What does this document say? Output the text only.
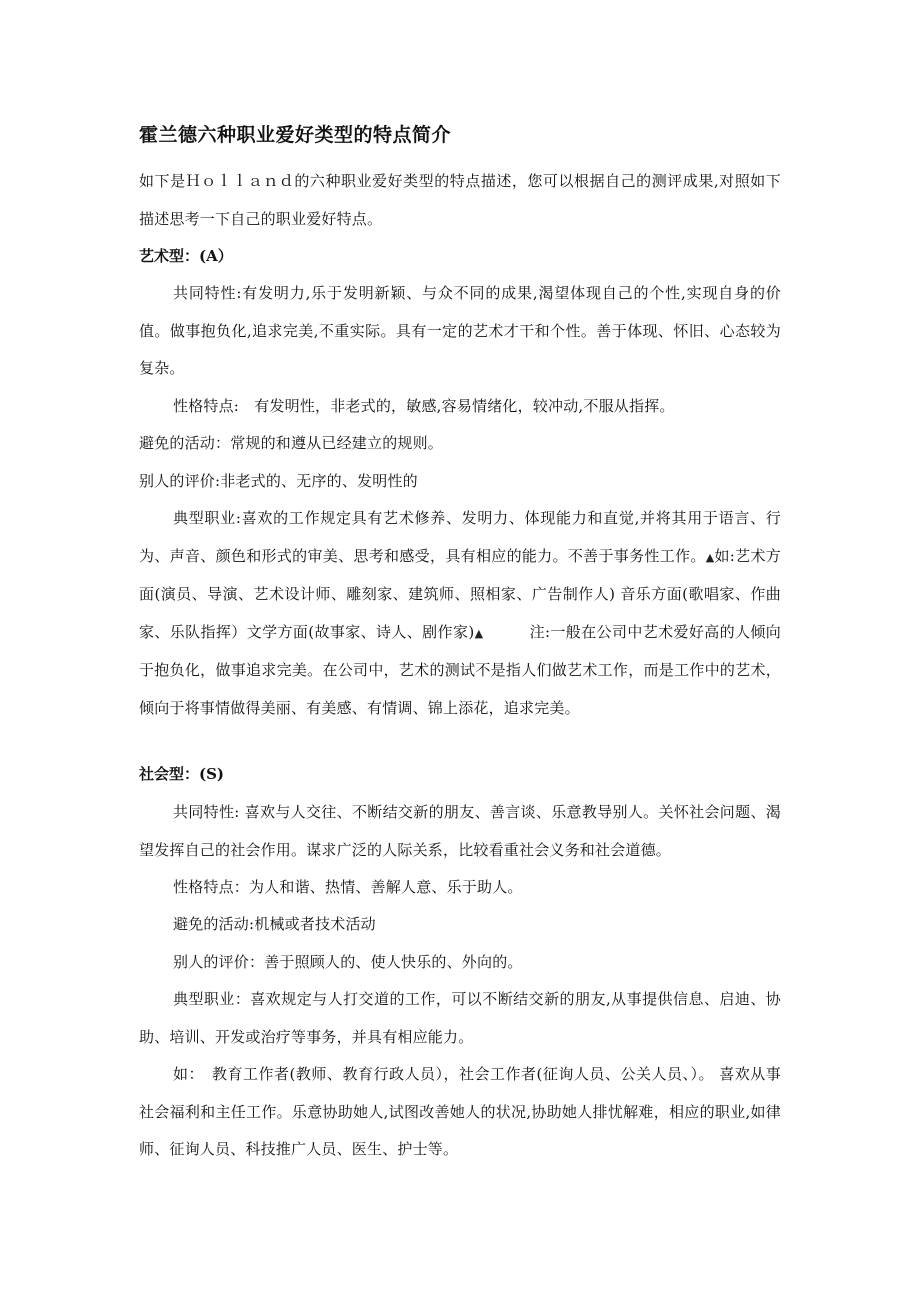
霍兰德六种职业爱好类型的特点简介

如下是Ｈｏｌｌａｎｄ的六种职业爱好类型的特点描述，您可以根据自己的测评成果,对照如下描述思考一下自己的职业爱好特点。

艺术型：(A）

共同特性:有发明力,乐于发明新颖、与众不同的成果,渴望体现自己的个性,实现自身的价值。做事抱负化,追求完美,不重实际。具有一定的艺术才干和个性。善于体现、怀旧、心态较为复杂。

性格特点:　有发明性，非老式的，敏感,容易情绪化，较冲动,不服从指挥。

避免的活动：常规的和遵从已经建立的规则。

别人的评价:非老式的、无序的、发明性的

典型职业:喜欢的工作规定具有艺术修养、发明力、体现能力和直觉,并将其用于语言、行为、声音、颜色和形式的审美、思考和感受，具有相应的能力。不善于事务性工作。▲如:艺术方面(演员、导演、艺术设计师、雕刻家、建筑师、照相家、广告制作人) 音乐方面(歌唱家、作曲家、乐队指挥）文学方面(故事家、诗人、剧作家)▲　　　注:一般在公司中艺术爱好高的人倾向于抱负化，做事追求完美。在公司中，艺术的测试不是指人们做艺术工作，而是工作中的艺术，倾向于将事情做得美丽、有美感、有情调、锦上添花，追求完美。

社会型：(S)

共同特性: 喜欢与人交往、不断结交新的朋友、善言谈、乐意教导别人。关怀社会问题、渴望发挥自己的社会作用。谋求广泛的人际关系，比较看重社会义务和社会道德。

性格特点：为人和谐、热情、善解人意、乐于助人。

避免的活动:机械或者技术活动

别人的评价：善于照顾人的、使人快乐的、外向的。

典型职业：喜欢规定与人打交道的工作，可以不断结交新的朋友,从事提供信息、启迪、协助、培训、开发或治疗等事务，并具有相应能力。

如：　教育工作者(教师、教育行政人员），社会工作者(征询人员、公关人员、）。 喜欢从事社会福利和主任工作。乐意协助她人,试图改善她人的状况,协助她人排忧解难，相应的职业,如律师、征询人员、科技推广人员、医生、护士等。
